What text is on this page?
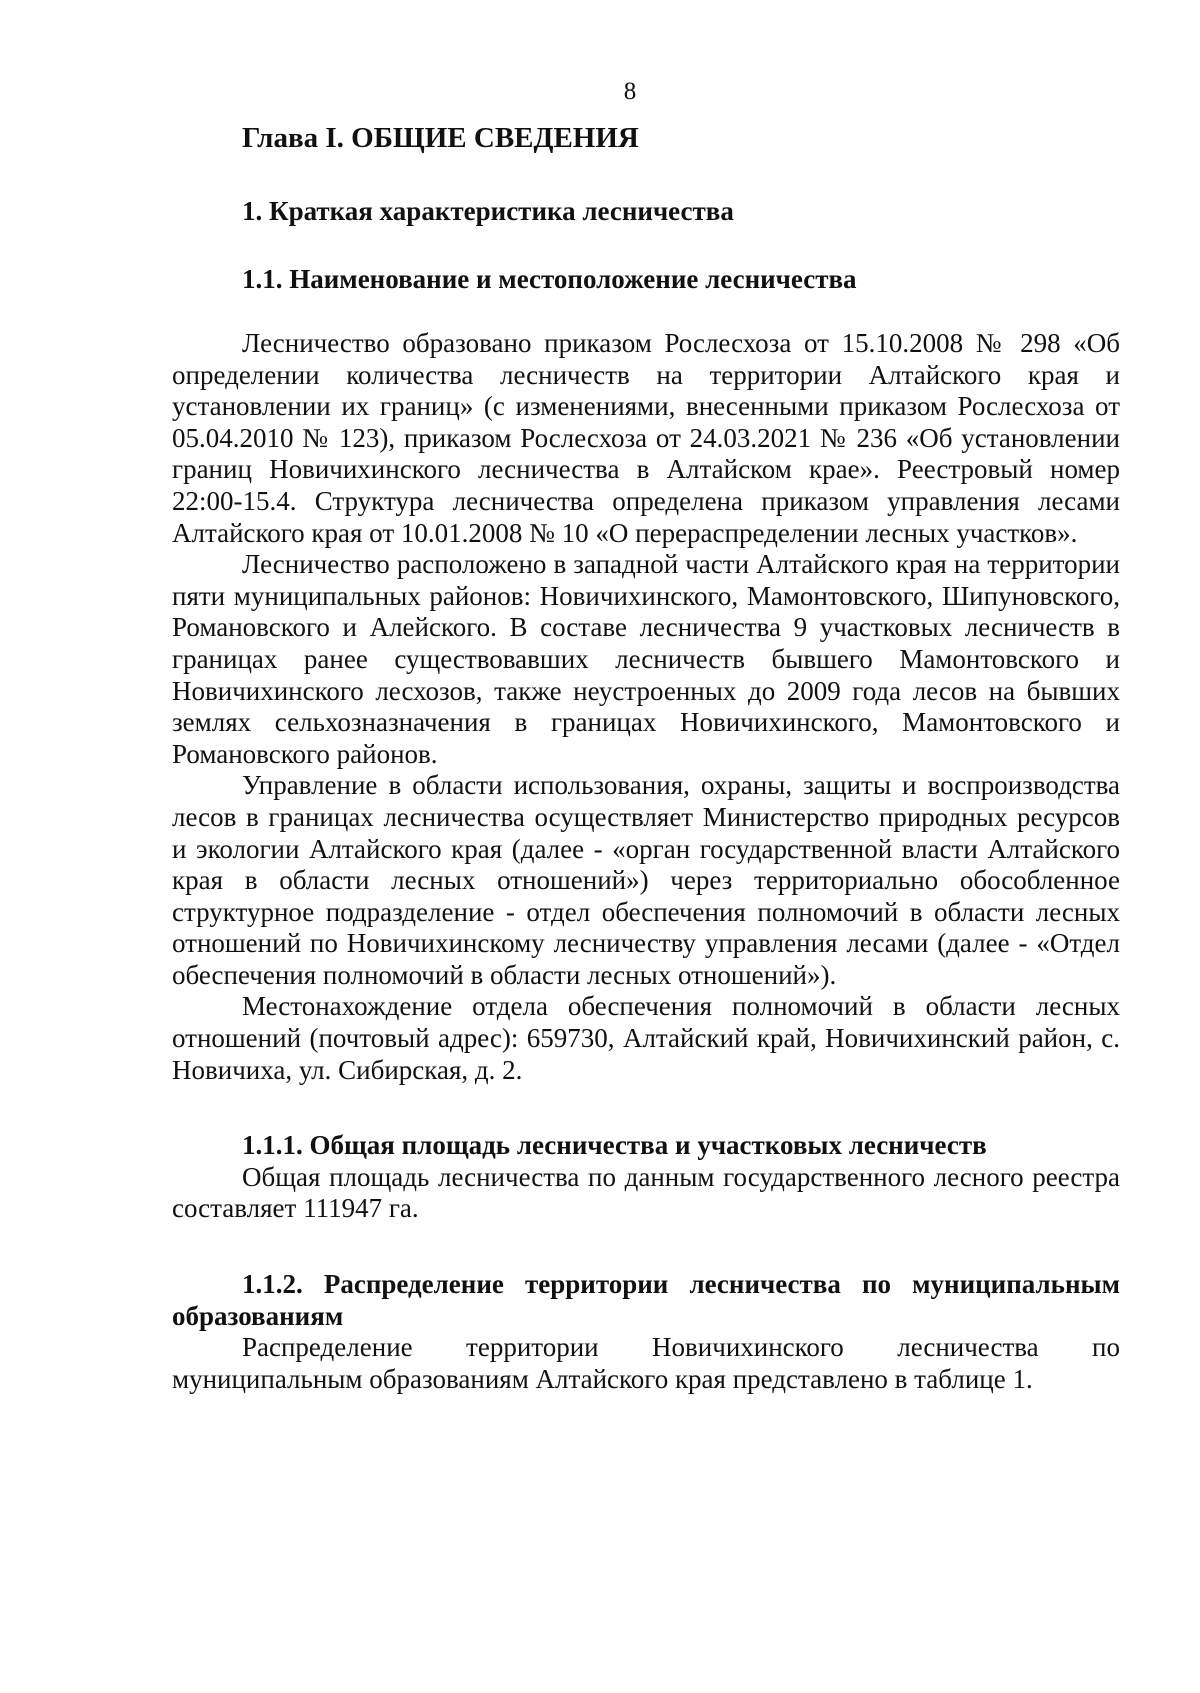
8
Глава I. ОБЩИЕ СВЕДЕНИЯ
1. Краткая характеристика лесничества
1.1. Наименование и местоположение лесничества

Лесничество образовано приказом Рослесхоза от 15.10.2008 № 298 «Об определении количества лесничеств на территории Алтайского края и установлении их границ» (с изменениями, внесенными приказом Рослесхоза от 05.04.2010 № 123), приказом Рослесхоза от 24.03.2021 № 236 «Об установлении границ Новичихинского лесничества в Алтайском крае». Реестровый номер 22:00-15.4. Структура лесничества определена приказом управления лесами Алтайского края от 10.01.2008 № 10 «О перераспределении лесных участков».

Лесничество расположено в западной части Алтайского края на территории пяти муниципальных районов: Новичихинского, Мамонтовского, Шипуновского, Романовского и Алейского. В составе лесничества 9 участковых лесничеств в границах ранее существовавших лесничеств бывшего Мамонтовского и Новичихинского лесхозов, также неустроенных до 2009 года лесов на бывших землях сельхозназначения в границах Новичихинского, Мамонтовского и Романовского районов.

Управление в области использования, охраны, защиты и воспроизводства лесов в границах лесничества осуществляет Министерство природных ресурсов и экологии Алтайского края (далее - «орган государственной власти Алтайского края в области лесных отношений») через территориально обособленное структурное подразделение - отдел обеспечения полномочий в области лесных отношений по Новичихинскому лесничеству управления лесами (далее - «Отдел обеспечения полномочий в области лесных отношений»).

Местонахождение отдела обеспечения полномочий в области лесных отношений (почтовый адрес): 659730, Алтайский край, Новичихинский район, с. Новичиха, ул. Сибирская, д. 2.

1.1.1. Общая площадь лесничества и участковых лесничеств

Общая площадь лесничества по данным государственного лесного реестра составляет 111947 га.

1.1.2. Распределение территории лесничества по муниципальным образованиям

Распределение территории Новичихинского лесничества по муниципальным образованиям Алтайского края представлено в таблице 1.
